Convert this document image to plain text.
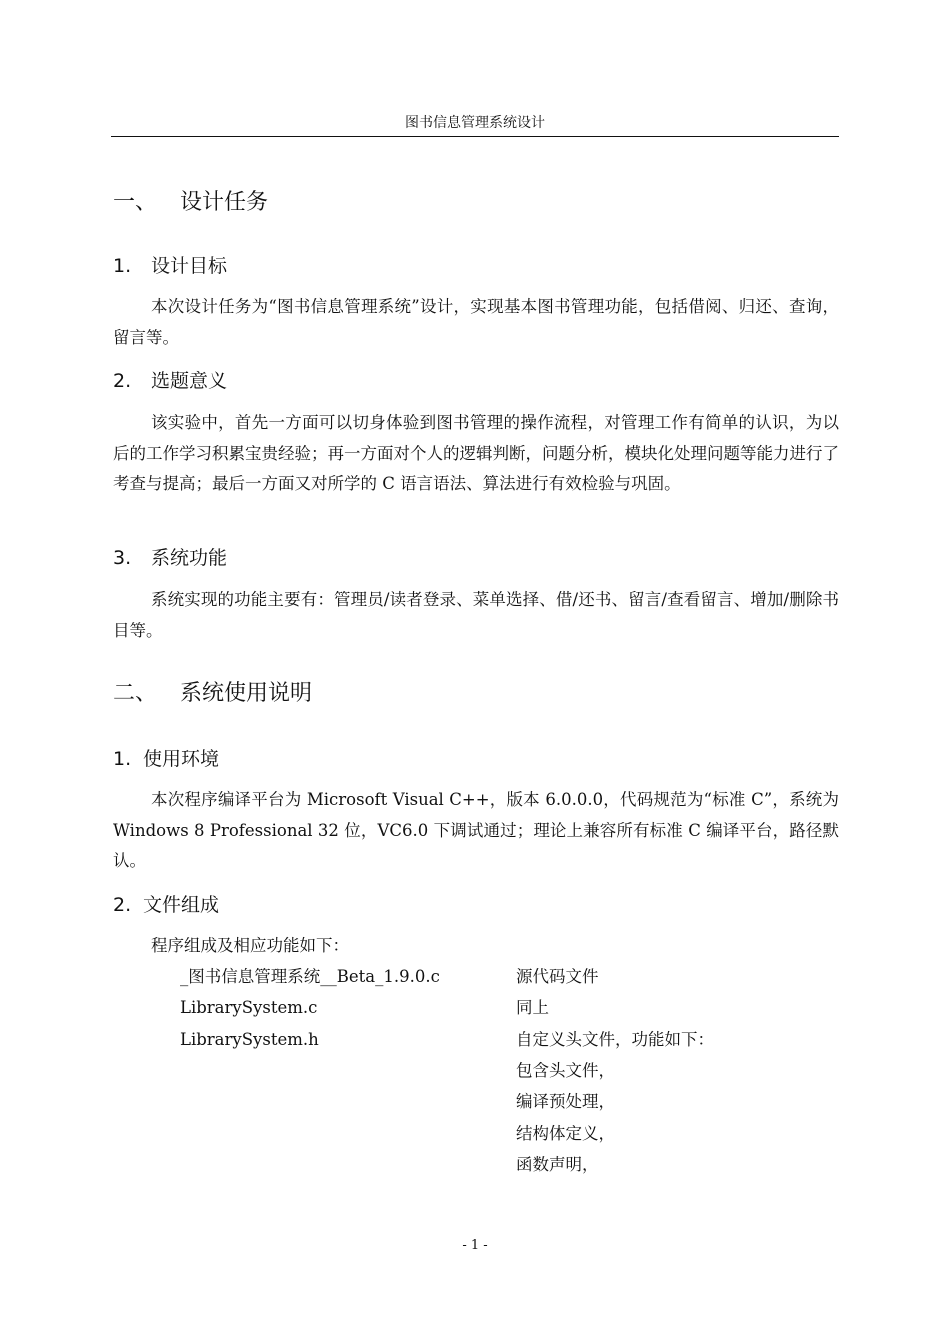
图书信息管理系统设计
一、 设计任务
1. 设计目标
本次设计任务为“图书信息管理系统”设计，实现基本图书管理功能，包括借阅、归还、查询，留言等。
2. 选题意义
该实验中，首先一方面可以切身体验到图书管理的操作流程，对管理工作有简单的认识，为以后的工作学习积累宝贵经验；再一方面对个人的逻辑判断，问题分析，模块化处理问题等能力进行了考查与提高；最后一方面又对所学的 C 语言语法、算法进行有效检验与巩固。
3. 系统功能
系统实现的功能主要有：管理员/读者登录、菜单选择、借/还书、留言/查看留言、增加/删除书目等。
二、 系统使用说明
1. 使用环境
本次程序编译平台为 Microsoft Visual C++，版本 6.0.0.0，代码规范为“标准 C”，系统为 Windows 8 Professional 32 位，VC6.0 下调试通过；理论上兼容所有标准 C 编译平台，路径默认。
2. 文件组成
程序组成及相应功能如下：
_图书信息管理系统__Beta_1.9.0.c	源代码文件
LibrarySystem.c	同上
LibrarySystem.h	自定义头文件，功能如下：
包含头文件，
编译预处理，
结构体定义，
函数声明，
- 1 -
